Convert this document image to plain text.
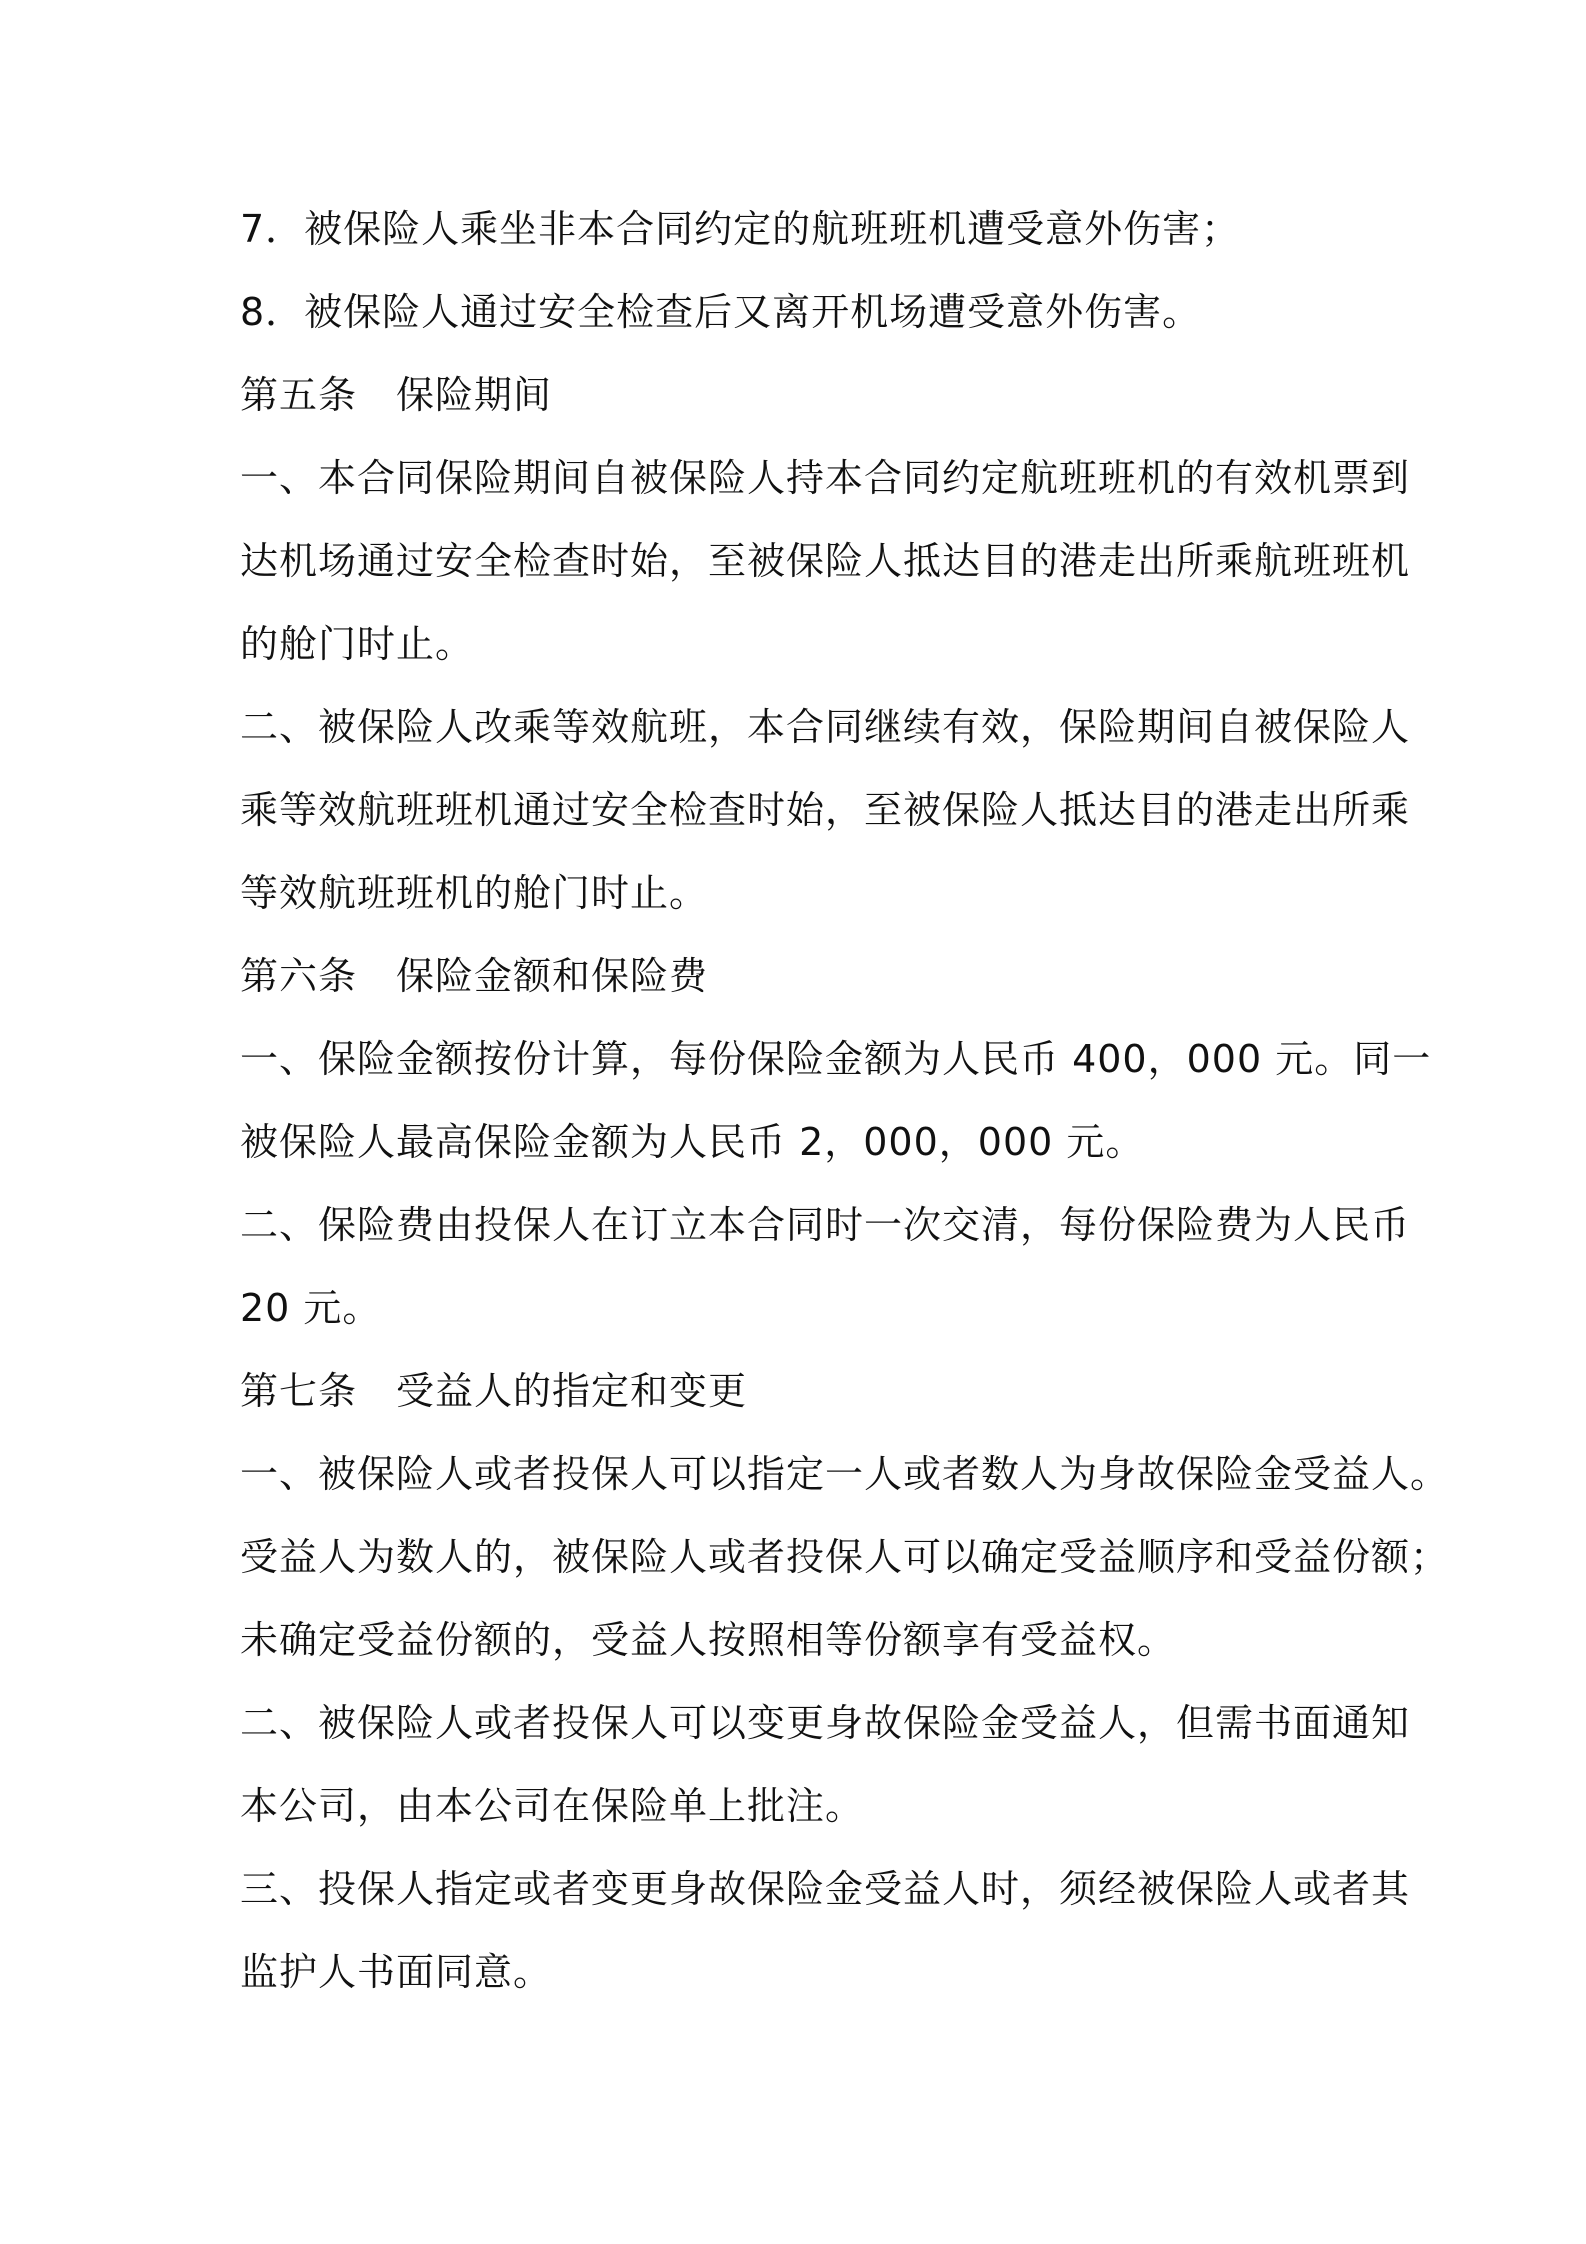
7．被保险人乘坐非本合同约定的航班班机遭受意外伤害；
8．被保险人通过安全检查后又离开机场遭受意外伤害。
第五条　保险期间
一、本合同保险期间自被保险人持本合同约定航班班机的有效机票到
达机场通过安全检查时始，至被保险人抵达目的港走出所乘航班班机
的舱门时止。
二、被保险人改乘等效航班，本合同继续有效，保险期间自被保险人
乘等效航班班机通过安全检查时始，至被保险人抵达目的港走出所乘
等效航班班机的舱门时止。
第六条　保险金额和保险费
一、保险金额按份计算，每份保险金额为人民币 400，000 元。同一
被保险人最高保险金额为人民币 2，000，000 元。
二、保险费由投保人在订立本合同时一次交清，每份保险费为人民币
20 元。
第七条　受益人的指定和变更
一、被保险人或者投保人可以指定一人或者数人为身故保险金受益人。
受益人为数人的，被保险人或者投保人可以确定受益顺序和受益份额；
未确定受益份额的，受益人按照相等份额享有受益权。
二、被保险人或者投保人可以变更身故保险金受益人，但需书面通知
本公司，由本公司在保险单上批注。
三、投保人指定或者变更身故保险金受益人时，须经被保险人或者其
监护人书面同意。
